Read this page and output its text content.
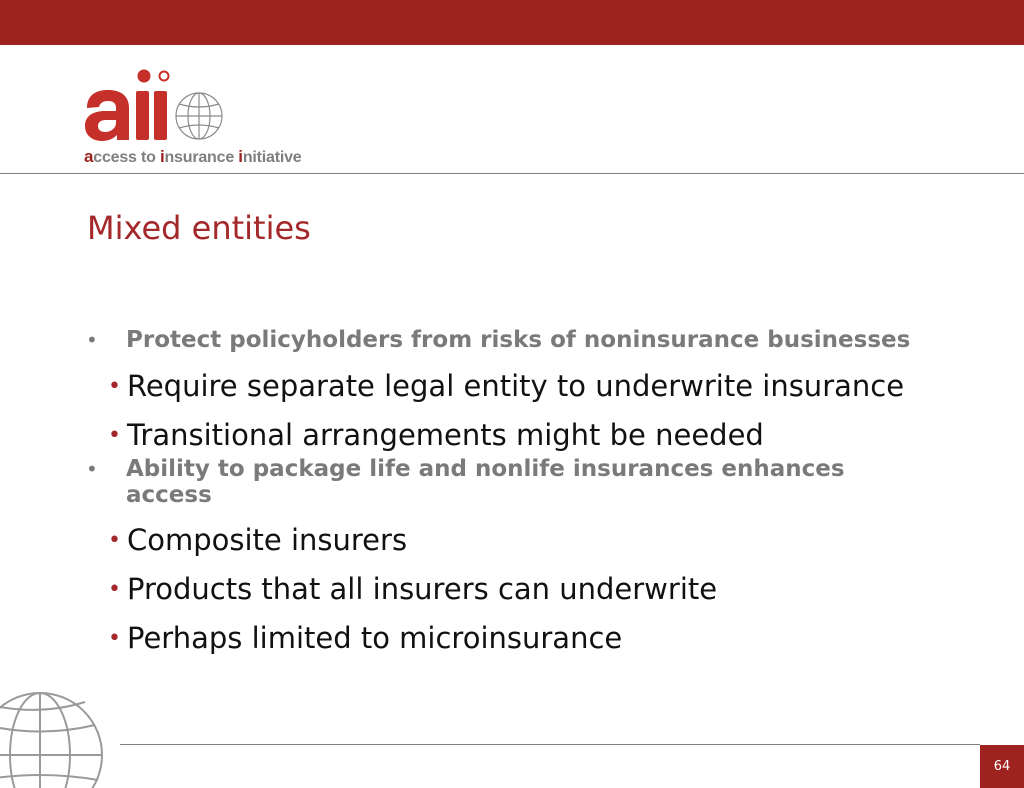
access to insurance initiative
Mixed entities
• Protect policyholders from risks of noninsurance businesses
• Require separate legal entity to underwrite insurance
• Transitional arrangements might be needed
• Ability to package life and nonlife insurances enhances access
• Composite insurers
• Products that all insurers can underwrite
• Perhaps limited to microinsurance
64
